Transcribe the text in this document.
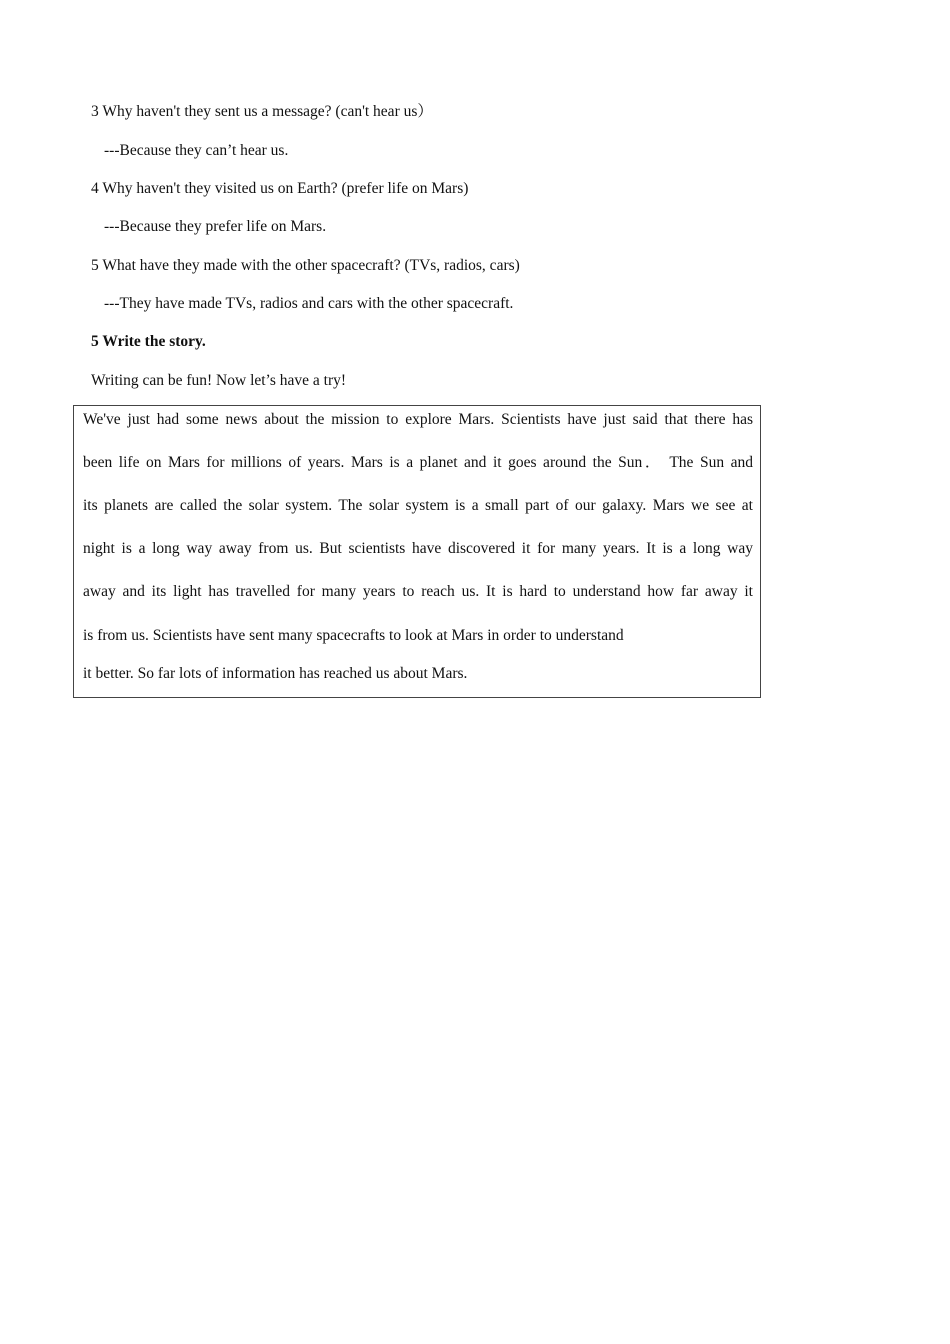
3 Why haven't they sent us a message? (can't hear us）
---Because they can’t hear us.
4 Why haven't they visited us on Earth? (prefer life on Mars)
---Because they prefer life on Mars.
5 What have they made with the other spacecraft? (TVs, radios, cars)
---They have made TVs, radios and cars with the other spacecraft.
5 Write the story.
Writing can be fun! Now let’s have a try!
We've just had some news about the mission to explore Mars. Scientists have just said that there has
been life on Mars for millions of years. Mars is a planet and it goes around the Sun． The Sun and
its planets are called the solar system. The solar system is a small part of our galaxy. Mars we see at
night is a long way away from us. But scientists have discovered it for many years. It is a long way
away and its light has travelled for many years to reach us. It is hard to understand how far away it
is from us. Scientists have sent many spacecrafts to look at Mars in order to understand
it better. So far lots of information has reached us about Mars.
